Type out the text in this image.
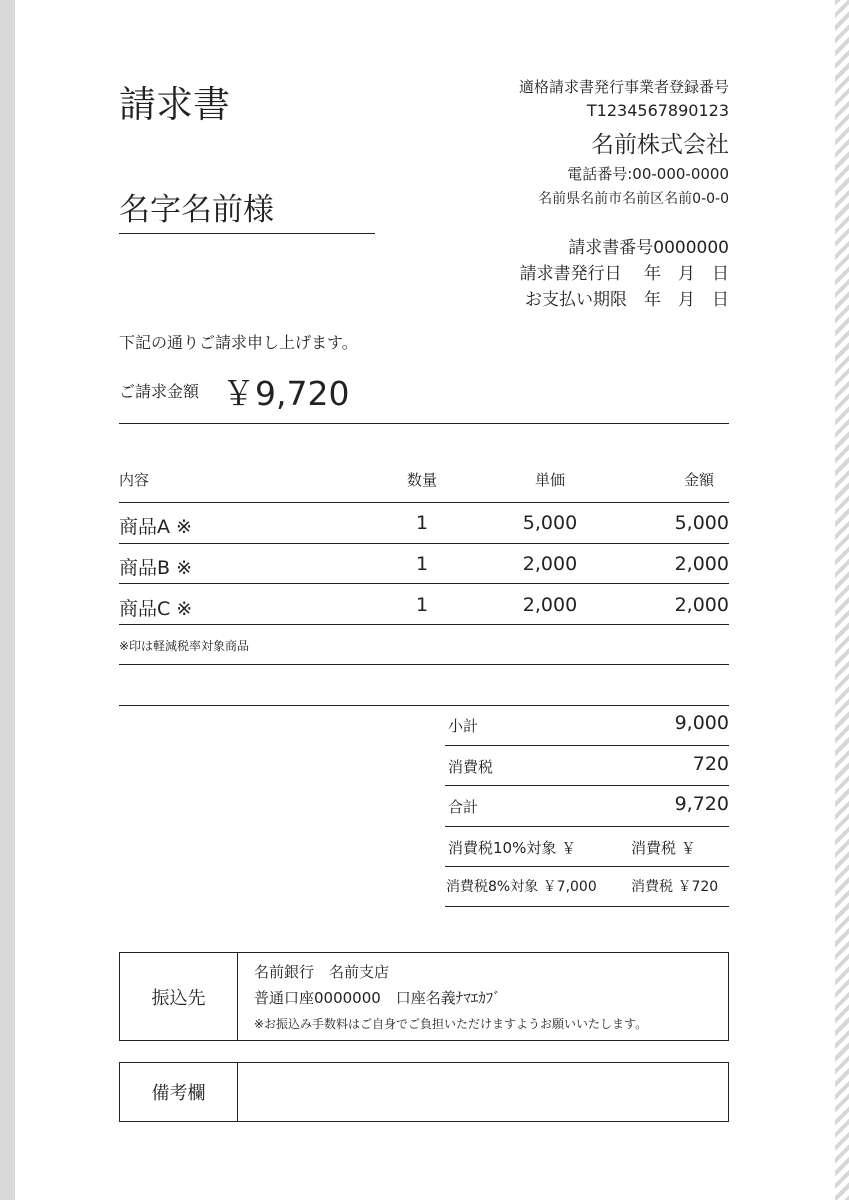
請求書	適格請求書発行事業者登録番号
T1234567890123
名前株式会社
電話番号:00-000-0000
名前県名前市名前区名前0-0-0
名字名前様
請求書番号0000000
請求書発行日　 年　月　日
お支払い期限　年　月　日
下記の通りご請求申し上げます。
ご請求金額 ￥9,720
内容	数量	単価	金額
商品A ※	1	5,000	5,000
商品B ※	1	2,000	2,000
商品C ※	1	2,000	2,000
※印は軽減税率対象商品
小計	9,000
消費税	720
合計	9,720
消費税10%対象 ￥	消費税 ￥
消費税8%対象 ￥7,000 消費税 ￥720
振込先
名前銀行　名前支店
普通口座0000000　口座名義ﾅﾏｴｶﾌﾞ
※お振込み手数料はご自身でご負担いただけますようお願いいたします。
備考欄
